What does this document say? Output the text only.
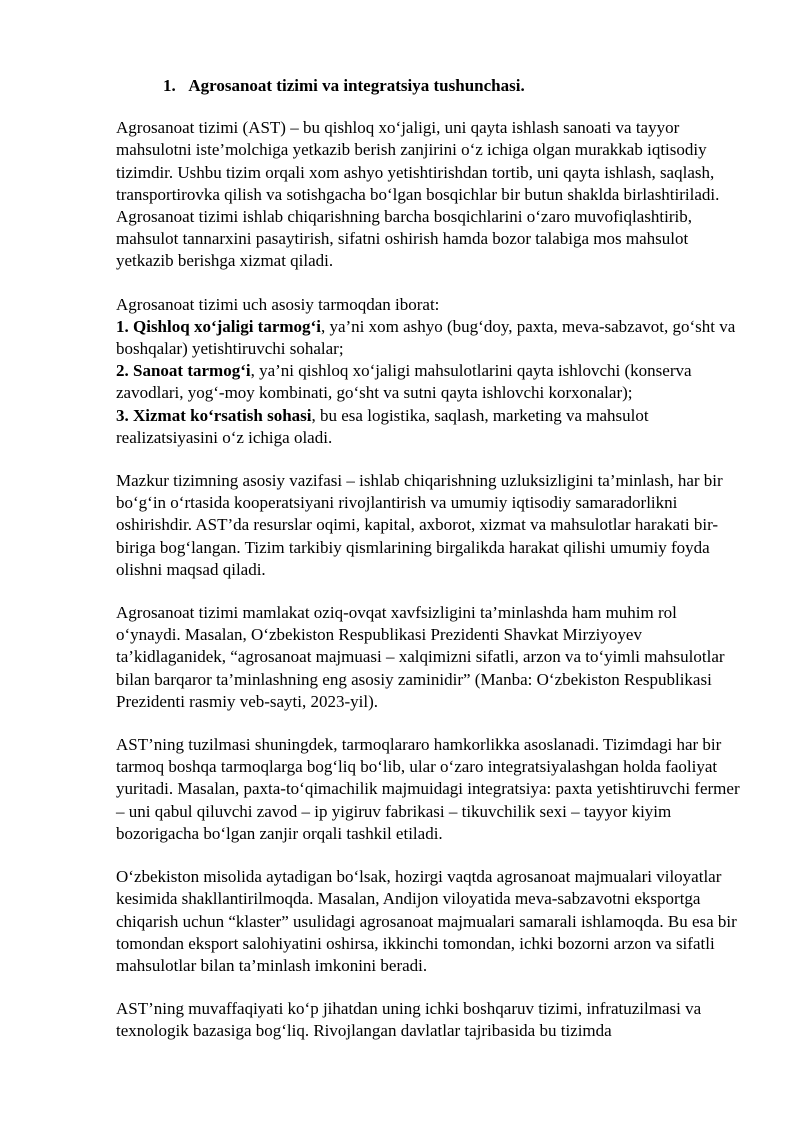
1. Agrosanoat tizimi va integratsiya tushunchasi.

Agrosanoat tizimi (AST) – bu qishloq xo‘jaligi, uni qayta ishlash sanoati va tayyor mahsulotni iste’molchiga yetkazib berish zanjirini o‘z ichiga olgan murakkab iqtisodiy tizimdir. Ushbu tizim orqali xom ashyo yetishtirishdan tortib, uni qayta ishlash, saqlash, transportirovka qilish va sotishgacha bo‘lgan bosqichlar bir butun shaklda birlashtiriladi. Agrosanoat tizimi ishlab chiqarishning barcha bosqichlarini o‘zaro muvofiqlashtirib, mahsulot tannarxini pasaytirish, sifatni oshirish hamda bozor talabiga mos mahsulot yetkazib berishga xizmat qiladi.

Agrosanoat tizimi uch asosiy tarmoqdan iborat:
1. Qishloq xo‘jaligi tarmog‘i, ya’ni xom ashyo (bug‘doy, paxta, meva-sabzavot, go‘sht va boshqalar) yetishtiruvchi sohalar;
2. Sanoat tarmog‘i, ya’ni qishloq xo‘jaligi mahsulotlarini qayta ishlovchi (konserva zavodlari, yog‘-moy kombinati, go‘sht va sutni qayta ishlovchi korxonalar);
3. Xizmat ko‘rsatish sohasi, bu esa logistika, saqlash, marketing va mahsulot realizatsiyasini o‘z ichiga oladi.

Mazkur tizimning asosiy vazifasi – ishlab chiqarishning uzluksizligini ta’minlash, har bir bo‘g‘in o‘rtasida kooperatsiyani rivojlantirish va umumiy iqtisodiy samaradorlikni oshirishdir. AST’da resurslar oqimi, kapital, axborot, xizmat va mahsulotlar harakati bir-biriga bog‘langan. Tizim tarkibiy qismlarining birgalikda harakat qilishi umumiy foyda olishni maqsad qiladi.

Agrosanoat tizimi mamlakat oziq-ovqat xavfsizligini ta’minlashda ham muhim rol o‘ynaydi. Masalan, O‘zbekiston Respublikasi Prezidenti Shavkat Mirziyoyev ta’kidlaganidek, “agrosanoat majmuasi – xalqimizni sifatli, arzon va to‘yimli mahsulotlar bilan barqaror ta’minlashning eng asosiy zaminidir” (Manba: O‘zbekiston Respublikasi Prezidenti rasmiy veb-sayti, 2023-yil).

AST’ning tuzilmasi shuningdek, tarmoqlararo hamkorlikka asoslanadi. Tizimdagi har bir tarmoq boshqa tarmoqlarga bog‘liq bo‘lib, ular o‘zaro integratsiyalashgan holda faoliyat yuritadi. Masalan, paxta-to‘qimachilik majmuidagi integratsiya: paxta yetishtiruvchi fermer – uni qabul qiluvchi zavod – ip yigiruv fabrikasi – tikuvchilik sexi – tayyor kiyim bozorigacha bo‘lgan zanjir orqali tashkil etiladi.

O‘zbekiston misolida aytadigan bo‘lsak, hozirgi vaqtda agrosanoat majmualari viloyatlar kesimida shakllantirilmoqda. Masalan, Andijon viloyatida meva-sabzavotni eksportga chiqarish uchun “klaster” usulidagi agrosanoat majmualari samarali ishlamoqda. Bu esa bir tomondan eksport salohiyatini oshirsa, ikkinchi tomondan, ichki bozorni arzon va sifatli mahsulotlar bilan ta’minlash imkonini beradi.

AST’ning muvaffaqiyati ko‘p jihatdan uning ichki boshqaruv tizimi, infratuzilmasi va texnologik bazasiga bog‘liq. Rivojlangan davlatlar tajribasida bu tizimda
